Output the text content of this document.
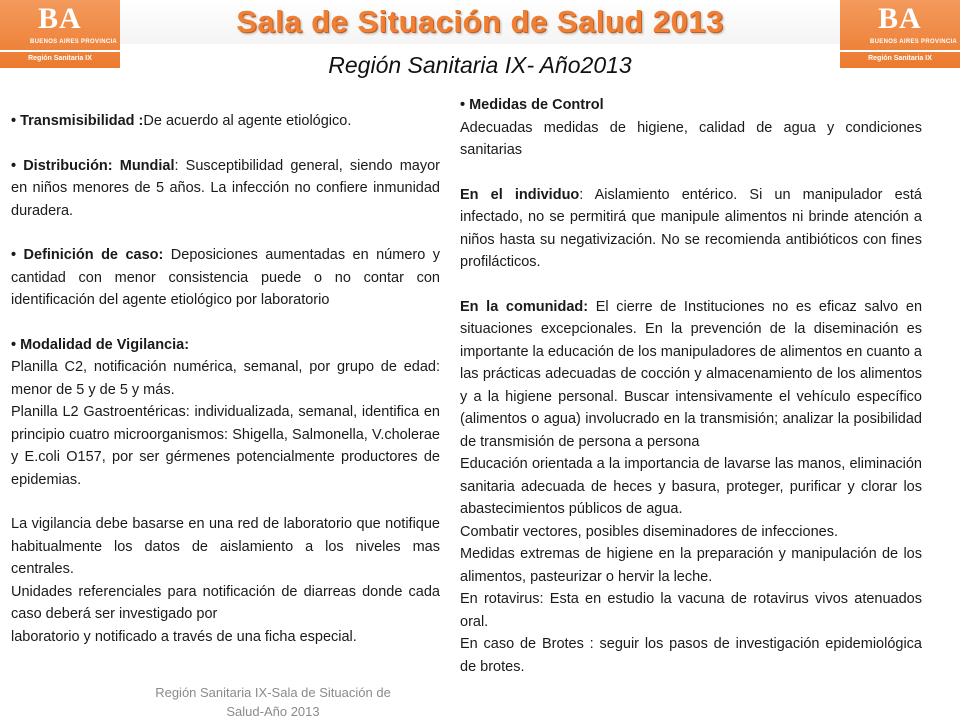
BA
BUENOS AIRES PROVINCIA
Región Sanitaria IX
Sala de Situación de Salud 2013	BA
BUENOS AIRES PROVINCIA
Región Sanitaria IX
Región Sanitaria IX- Año2013

• Transmisibilidad :De acuerdo al agente etiológico.

• Distribución: Mundial: Susceptibilidad general, siendo mayor en niños menores de 5 años. La infección no confiere inmunidad duradera.

• Definición de caso: Deposiciones aumentadas en número y cantidad con menor consistencia puede o no contar con identificación del agente etiológico por laboratorio

• Modalidad de Vigilancia:

Planilla C2, notificación numérica, semanal, por grupo de edad: menor de 5 y de 5 y más.

Planilla L2 Gastroentéricas: individualizada, semanal, identifica en principio cuatro microorganismos: Shigella, Salmonella, V.cholerae y E.coli O157, por ser gérmenes potencialmente productores de epidemias.

La vigilancia debe basarse en una red de laboratorio que notifique habitualmente los datos de aislamiento a los niveles mas centrales.

Unidades referenciales para notificación de diarreas donde cada caso deberá ser investigado por

laboratorio y notificado a través de una ficha especial.

• Medidas de Control

Adecuadas medidas de higiene, calidad de agua y condiciones sanitarias

En el individuo: Aislamiento entérico. Si un manipulador está infectado, no se permitirá que manipule alimentos ni brinde atención a niños hasta su negativización. No se recomienda antibióticos con fines profilácticos.

En la comunidad: El cierre de Instituciones no es eficaz salvo en situaciones excepcionales. En la prevención de la diseminación es importante la educación de los manipuladores de alimentos en cuanto a las prácticas adecuadas de cocción y almacenamiento de los alimentos y a la higiene personal. Buscar intensivamente el vehículo específico (alimentos o agua) involucrado en la transmisión; analizar la posibilidad de transmisión de persona a persona

Educación orientada a la importancia de lavarse las manos, eliminación sanitaria adecuada de heces y basura, proteger, purificar y clorar los abastecimientos públicos de agua.

Combatir vectores, posibles diseminadores de infecciones.

Medidas extremas de higiene en la preparación y manipulación de los alimentos, pasteurizar o hervir la leche.

En rotavirus: Esta en estudio la vacuna de rotavirus vivos atenuados oral.

En caso de Brotes : seguir los pasos de investigación epidemiológica de brotes.

Región Sanitaria IX-Sala de Situación de
Salud-Año 2013
